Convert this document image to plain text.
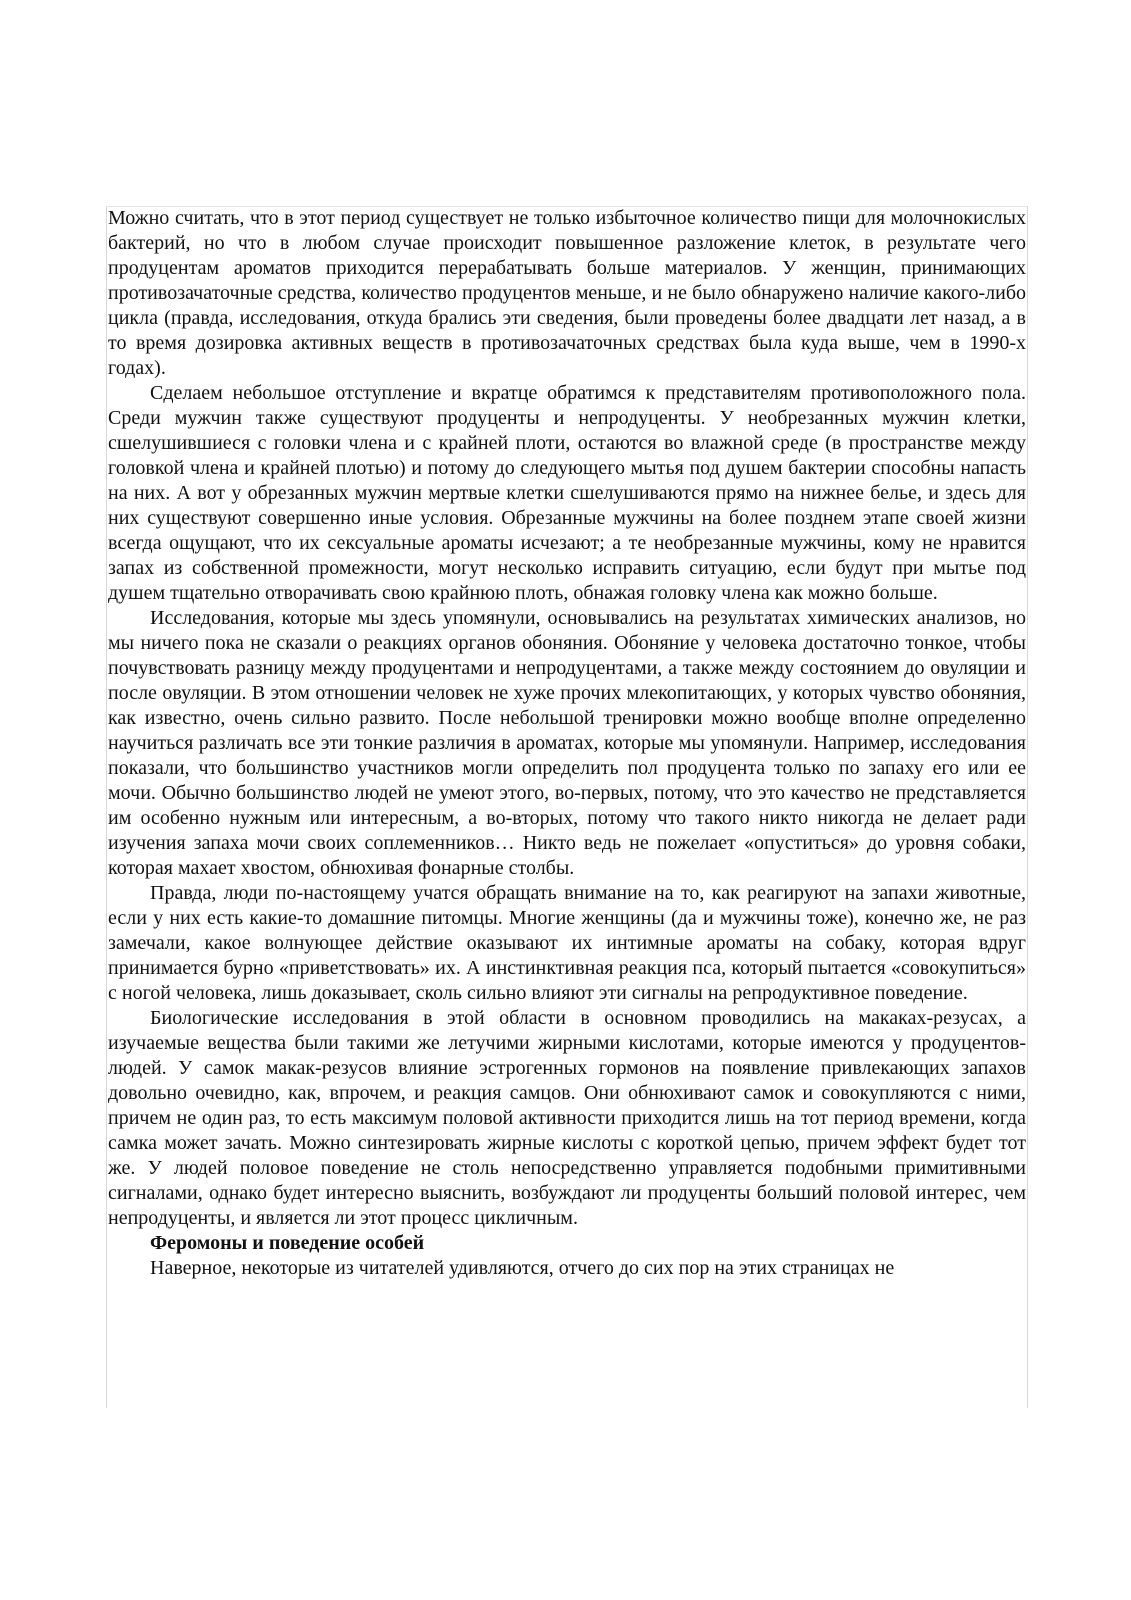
Можно считать, что в этот период существует не только избыточное количество пищи для молочнокислых бактерий, но что в любом случае происходит повышенное разложение клеток, в результате чего продуцентам ароматов приходится перерабатывать больше материалов. У женщин, принимающих противозачаточные средства, количество продуцентов меньше, и не было обнаружено наличие какого-либо цикла (правда, исследования, откуда брались эти сведения, были проведены более двадцати лет назад, а в то время дозировка активных веществ в противозачаточных средствах была куда выше, чем в 1990-х годах).

Сделаем небольшое отступление и вкратце обратимся к представителям противоположного пола. Среди мужчин также существуют продуценты и непродуценты. У необрезанных мужчин клетки, сшелушившиеся с головки члена и с крайней плоти, остаются во влажной среде (в пространстве между головкой члена и крайней плотью) и потому до следующего мытья под душем бактерии способны напасть на них. А вот у обрезанных мужчин мертвые клетки сшелушиваются прямо на нижнее белье, и здесь для них существуют совершенно иные условия. Обрезанные мужчины на более позднем этапе своей жизни всегда ощущают, что их сексуальные ароматы исчезают; а те необрезанные мужчины, кому не нравится запах из собственной промежности, могут несколько исправить ситуацию, если будут при мытье под душем тщательно отворачивать свою крайнюю плоть, обнажая головку члена как можно больше.

Исследования, которые мы здесь упомянули, основывались на результатах химических анализов, но мы ничего пока не сказали о реакциях органов обоняния. Обоняние у человека достаточно тонкое, чтобы почувствовать разницу между продуцентами и непродуцентами, а также между состоянием до овуляции и после овуляции. В этом отношении человек не хуже прочих млекопитающих, у которых чувство обоняния, как известно, очень сильно развито. После небольшой тренировки можно вообще вполне определенно научиться различать все эти тонкие различия в ароматах, которые мы упомянули. Например, исследования показали, что большинство участников могли определить пол продуцента только по запаху его или ее мочи. Обычно большинство людей не умеют этого, во-первых, потому, что это качество не представляется им особенно нужным или интересным, а во-вторых, потому что такого никто никогда не делает ради изучения запаха мочи своих соплеменников… Никто ведь не пожелает «опуститься» до уровня собаки, которая махает хвостом, обнюхивая фонарные столбы.

Правда, люди по-настоящему учатся обращать внимание на то, как реагируют на запахи животные, если у них есть какие-то домашние питомцы. Многие женщины (да и мужчины тоже), конечно же, не раз замечали, какое волнующее действие оказывают их интимные ароматы на собаку, которая вдруг принимается бурно «приветствовать» их. А инстинктивная реакция пса, который пытается «совокупиться» с ногой человека, лишь доказывает, сколь сильно влияют эти сигналы на репродуктивное поведение.

Биологические исследования в этой области в основном проводились на макаках-резусах, а изучаемые вещества были такими же летучими жирными кислотами, которые имеются у продуцентов-людей. У самок макак-резусов влияние эстрогенных гормонов на появление привлекающих запахов довольно очевидно, как, впрочем, и реакция самцов. Они обнюхивают самок и совокупляются с ними, причем не один раз, то есть максимум половой активности приходится лишь на тот период времени, когда самка может зачать. Можно синтезировать жирные кислоты с короткой цепью, причем эффект будет тот же. У людей половое поведение не столь непосредственно управляется подобными примитивными сигналами, однако будет интересно выяснить, возбуждают ли продуценты больший половой интерес, чем непродуценты, и является ли этот процесс цикличным.

Феромоны и поведение особей

Наверное, некоторые из читателей удивляются, отчего до сих пор на этих страницах не
